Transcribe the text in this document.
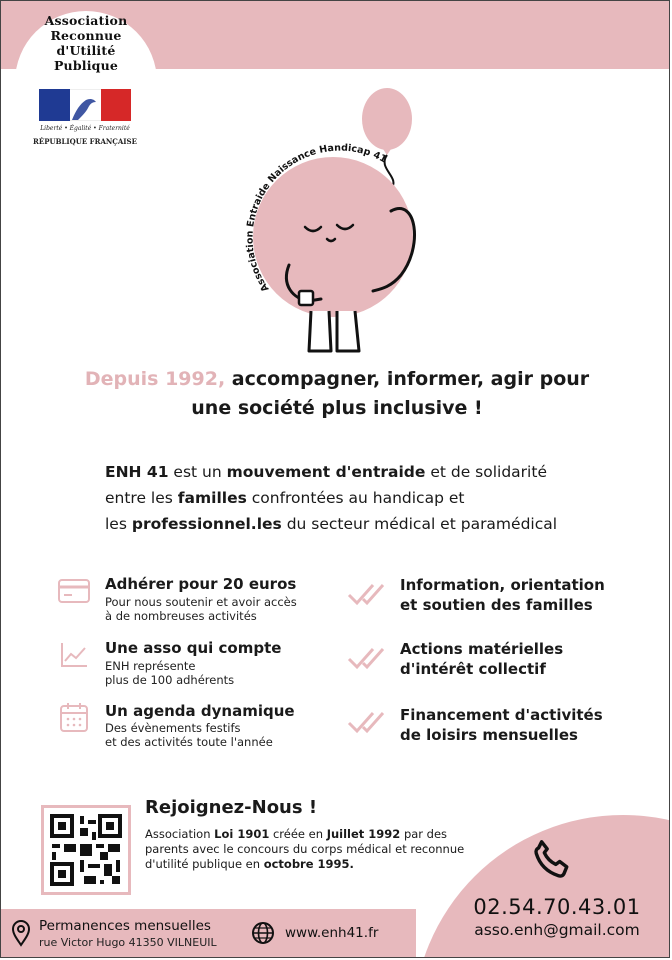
Association
Reconnue
d'Utilité
Publique
Liberté • Égalité • Fraternité
RÉPUBLIQUE FRANÇAISE
Association Entraide Naissance Handicap 41
Depuis 1992, accompagner, informer, agir pour
une société plus inclusive !
ENH 41 est un mouvement d'entraide et de solidarité
entre les familles confrontées au handicap et
les professionnel.les du secteur médical et paramédical
Adhérer pour 20 euros
Pour nous soutenir et avoir accès
à de nombreuses activités
Une asso qui compte
ENH représente
plus de 100 adhérents
Un agenda dynamique
Des évènements festifs
et des activités toute l'année
Information, orientation
et soutien des familles
Actions matérielles
d'intérêt collectif
Financement d'activités
de loisirs mensuelles
02.54.70.43.01
asso.enh@gmail.com
Rejoignez-Nous !
Association Loi 1901 créée en Juillet 1992 par des parents avec le concours du corps médical et reconnue d'utilité publique en octobre 1995.
Permanences mensuelles
rue Victor Hugo 41350 VILNEUIL
www.enh41.fr
